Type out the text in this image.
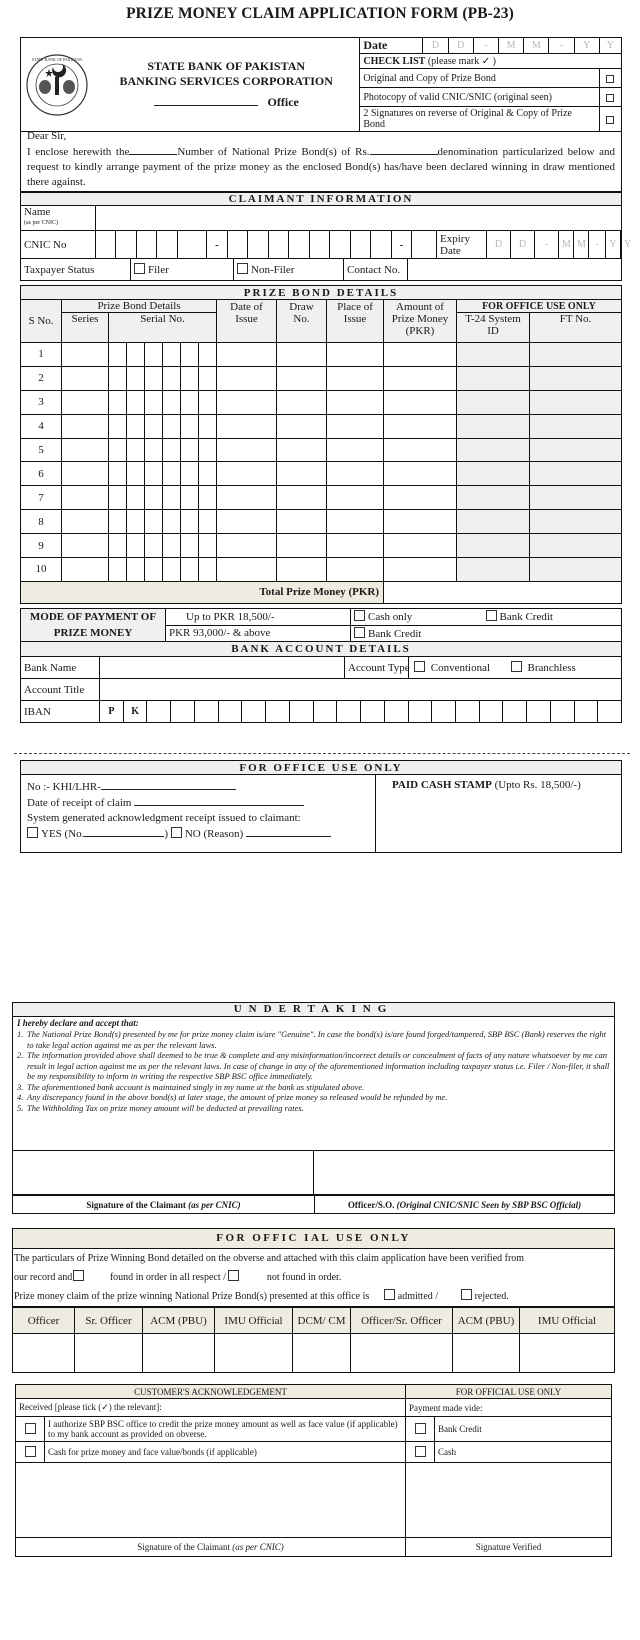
PRIZE MONEY CLAIM APPLICATION FORM (PB-23)
STATE BANK OF PAKISTAN STATE BANK OF PAKISTAN
BANKING SERVICES CORPORATION
Office	Date	D	D	-	M	M	-	Y	Y
	CHECK LIST (please mark ✓ )								
	Original and Copy of Prize Bond								
	Photocopy of valid CNIC/SNIC (original seen)								
	2 Signatures on reverse of Original & Copy of Prize Bond								
Dear Sir,
I enclose herewith the	Number of National Prize Bond(s) of Rs.	denomination particularized below and request to kindly arrange payment of the prize money as the enclosed Bond(s) has/have been declared winning in draw mentioned there against.
CLAIMANT INFORMATION
Name
(as per CNIC)

CNIC No						-									-		Expiry Date	D	D	-	M	M	-	Y	Y
Taxpayer Status	Filer	Non-Filer	Contact No.	
PRIZE BOND DETAILS													
S No.	Prize Bond Details							Date of Issue	Draw No.	Place of Issue	Amount of Prize Money (PKR)	FOR OFFICE USE ONLY	
	Series	Serial No.										T-24 System ID	FT No.
1													
2													
3													
4													
5													
6													
7													
8													
9													
10													
Total Prize Money (PKR)													
MODE OF PAYMENT OF PRIZE MONEY	Up to PKR 18,500/-	Cash only	Bank Credit
	PKR 93,000/- & above	Bank Credit	
BANK ACCOUNT DETAILS
Bank Name		Account Type	Conventional	Branchless
Account Title	
IBAN	P	K
FOR OFFICE USE ONLY

No :- KHI/LHR-
Date of receipt of claim
System generated acknowledgment receipt issued to claimant:
YES (No.	) NO (Reason)
	PAID CASH STAMP (Upto Rs. 18,500/-)
UNDERTAKING
I hereby declare and accept that:
1. The National Prize Bond(s) presented by me for prize money claim is/are "Genuine". In case the bond(s) is/are found forged/tampered, SBP BSC (Bank) reserves the right to take legal action against me as per the relevant laws.
2. The information provided above shall deemed to be true & complete and any misinformation/incorrect details or concealment of facts of any nature whatsoever by me can result in legal action against me as per the relevant laws. In case of change in any of the aforementioned information including taxpayer status i.e. Filer / Non-filer, it shall be my responsibility to inform in writing the respective SBP BSC office immediately.
3. The aforementioned bank account is maintained singly in my name at the bank as stipulated above.
4. Any discrepancy found in the above bond(s) at later stage, the amount of prize money so released would be refunded by me.
5. The Withholding Tax on prize money amount will be deducted at prevailing rates.

Signature of the Claimant (as per CNIC)	Officer/S.O. (Original CNIC/SNIC Seen by SBP BSC Official)
FOR OFFIC IAL USE ONLY
The particulars of Prize Winning Bond detailed on the obverse and attached with this claim application have been verified from
our record and	found in order in all respect /	not found in order.
Prize money claim of the prize winning National Prize Bond(s) presented at this office is	admitted /	rejected.
Officer	Sr. Officer	ACM (PBU)	IMU Official	DCM/ CM	Officer/Sr. Officer	ACM (PBU)	IMU Official

CUSTOMER'S ACKNOWLEDGEMENT		FOR OFFICIAL USE ONLY	
Received [please tick (✓) the relevant]:		Payment made vide:	
	I authorize SBP BSC office to credit the prize money amount as well as face value (if applicable) to my bank account as provided on obverse.		Bank Credit
	Cash for prize money and face value/bonds (if applicable)		Cash

Signature of the Claimant (as per CNIC)		Signature Verified	
